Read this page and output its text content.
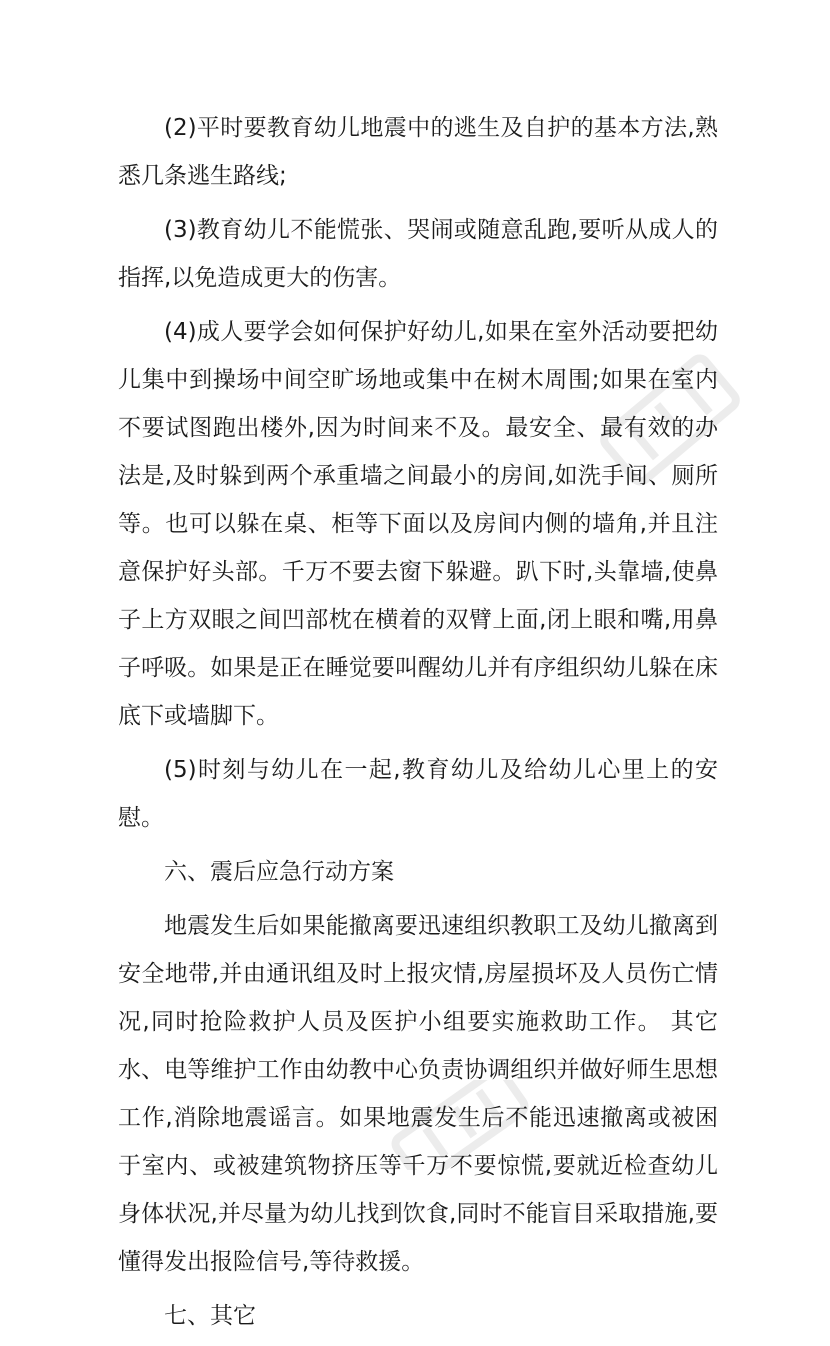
(2)平时要教育幼儿地震中的逃生及自护的基本方法,熟悉几条逃生路线;

(3)教育幼儿不能慌张、哭闹或随意乱跑,要听从成人的指挥,以免造成更大的伤害。

(4)成人要学会如何保护好幼儿,如果在室外活动要把幼儿集中到操场中间空旷场地或集中在树木周围;如果在室内不要试图跑出楼外,因为时间来不及。最安全、最有效的办法是,及时躲到两个承重墙之间最小的房间,如洗手间、厕所等。也可以躲在桌、柜等下面以及房间内侧的墙角,并且注意保护好头部。千万不要去窗下躲避。趴下时,头靠墙,使鼻子上方双眼之间凹部枕在横着的双臂上面,闭上眼和嘴,用鼻子呼吸。如果是正在睡觉要叫醒幼儿并有序组织幼儿躲在床底下或墙脚下。

(5)时刻与幼儿在一起,教育幼儿及给幼儿心里上的安慰。

六、震后应急行动方案

地震发生后如果能撤离要迅速组织教职工及幼儿撤离到安全地带,并由通讯组及时上报灾情,房屋损坏及人员伤亡情况,同时抢险救护人员及医护小组要实施救助工作。 其它水、电等维护工作由幼教中心负责协调组织并做好师生思想工作,消除地震谣言。如果地震发生后不能迅速撤离或被困于室内、或被建筑物挤压等千万不要惊慌,要就近检查幼儿身体状况,并尽量为幼儿找到饮食,同时不能盲目采取措施,要懂得发出报险信号,等待救援。

七、其它
